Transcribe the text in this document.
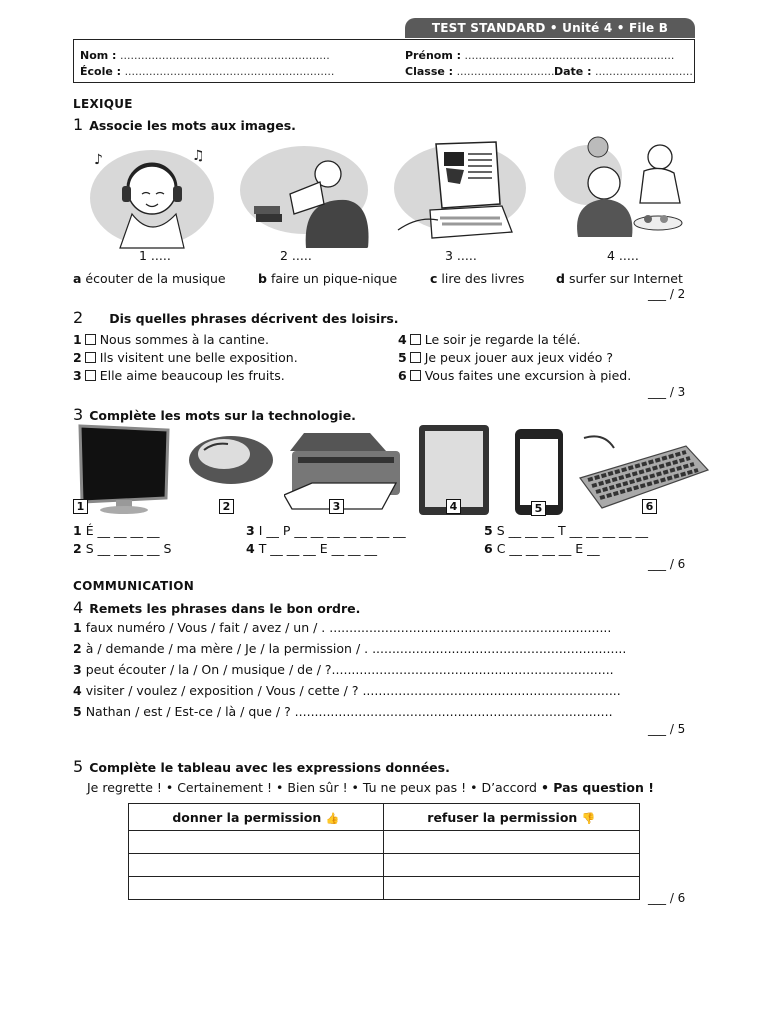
TEST STANDARD • Unité 4 • File B
Nom : ............................................................
École : ............................................................
Prénom : ............................................................
Classe : ............................ Date : ............................
LEXIQUE
1 Associe les mots aux images.
♪	♫
1 .....	2 .....	3 .....	4 .....
a écouter de la musique	b faire un pique-nique	c lire des livres	d surfer sur Internet
___ / 2
2 Dis quelles phrases décrivent des loisirs.
1 Nous sommes à la cantine.
2 Ils visitent une belle exposition.
3 Elle aime beaucoup les fruits.
4 Le soir je regarde la télé.
5 Je peux jouer aux jeux vidéo ?
6 Vous faites une excursion à pied.
___ / 3
3 Complète les mots sur la technologie.
1	2	3	4	5	6
1 É __ __ __ __
2 S __ __ __ __ S
3 I __ P __ __ __ __ __ __ __
4 T __ __ __ E __ __ __
5 S __ __ __ T __ __ __ __ __
6 C __ __ __ __ E __
___ / 6
COMMUNICATION
4 Remets les phrases dans le bon ordre.
1 faux numéro / Vous / fait / avez / un / . .......................................................................
2 à / demande / ma mère / Je / la permission / . ................................................................
3 peut écouter / la / On / musique / de / ?.......................................................................
4 visiter / voulez / exposition / Vous / cette / ? .................................................................
5 Nathan / est / Est-ce / là / que / ? ................................................................................
___ / 5
5 Complète le tableau avec les expressions données.
Je regrette ! • Certainement ! • Bien sûr ! • Tu ne peux pas ! • D’accord • Pas question !
donner la permission 👍	refuser la permission 👎

___ / 6
